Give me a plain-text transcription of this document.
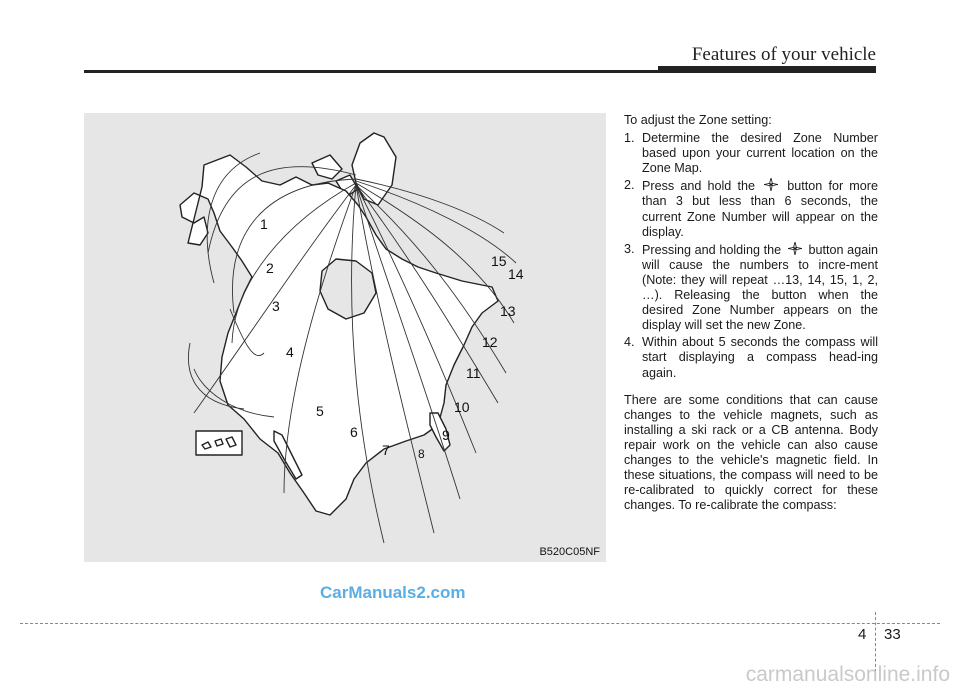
Features of your vehicle
1
2
3
4
5
6
7 8
9
10
11
12
13
14
15
B520C05NF

To adjust the Zone setting:

1. Determine the desired Zone Number based upon your current location on the Zone Map.

2. Press and hold the	button for more than 3 but less than 6 seconds, the current Zone Number will appear on the display.

3. Pressing and holding the button again will cause the numbers to incre-ment (Note: they will repeat …13, 14, 15, 1, 2, …). Releasing the button when the desired Zone Number appears on the display will set the new Zone.

4. Within about 5 seconds the compass will start displaying a compass head-ing again.

There are some conditions that can cause changes to the vehicle magnets, such as installing a ski rack or a CB antenna. Body repair work on the vehicle can also cause changes to the vehicle's magnetic field. In these situations, the compass will need to be re-calibrated to quickly correct for these changes. To re-calibrate the compass:

CarManuals2.com
4 33
carmanualsonline.info
